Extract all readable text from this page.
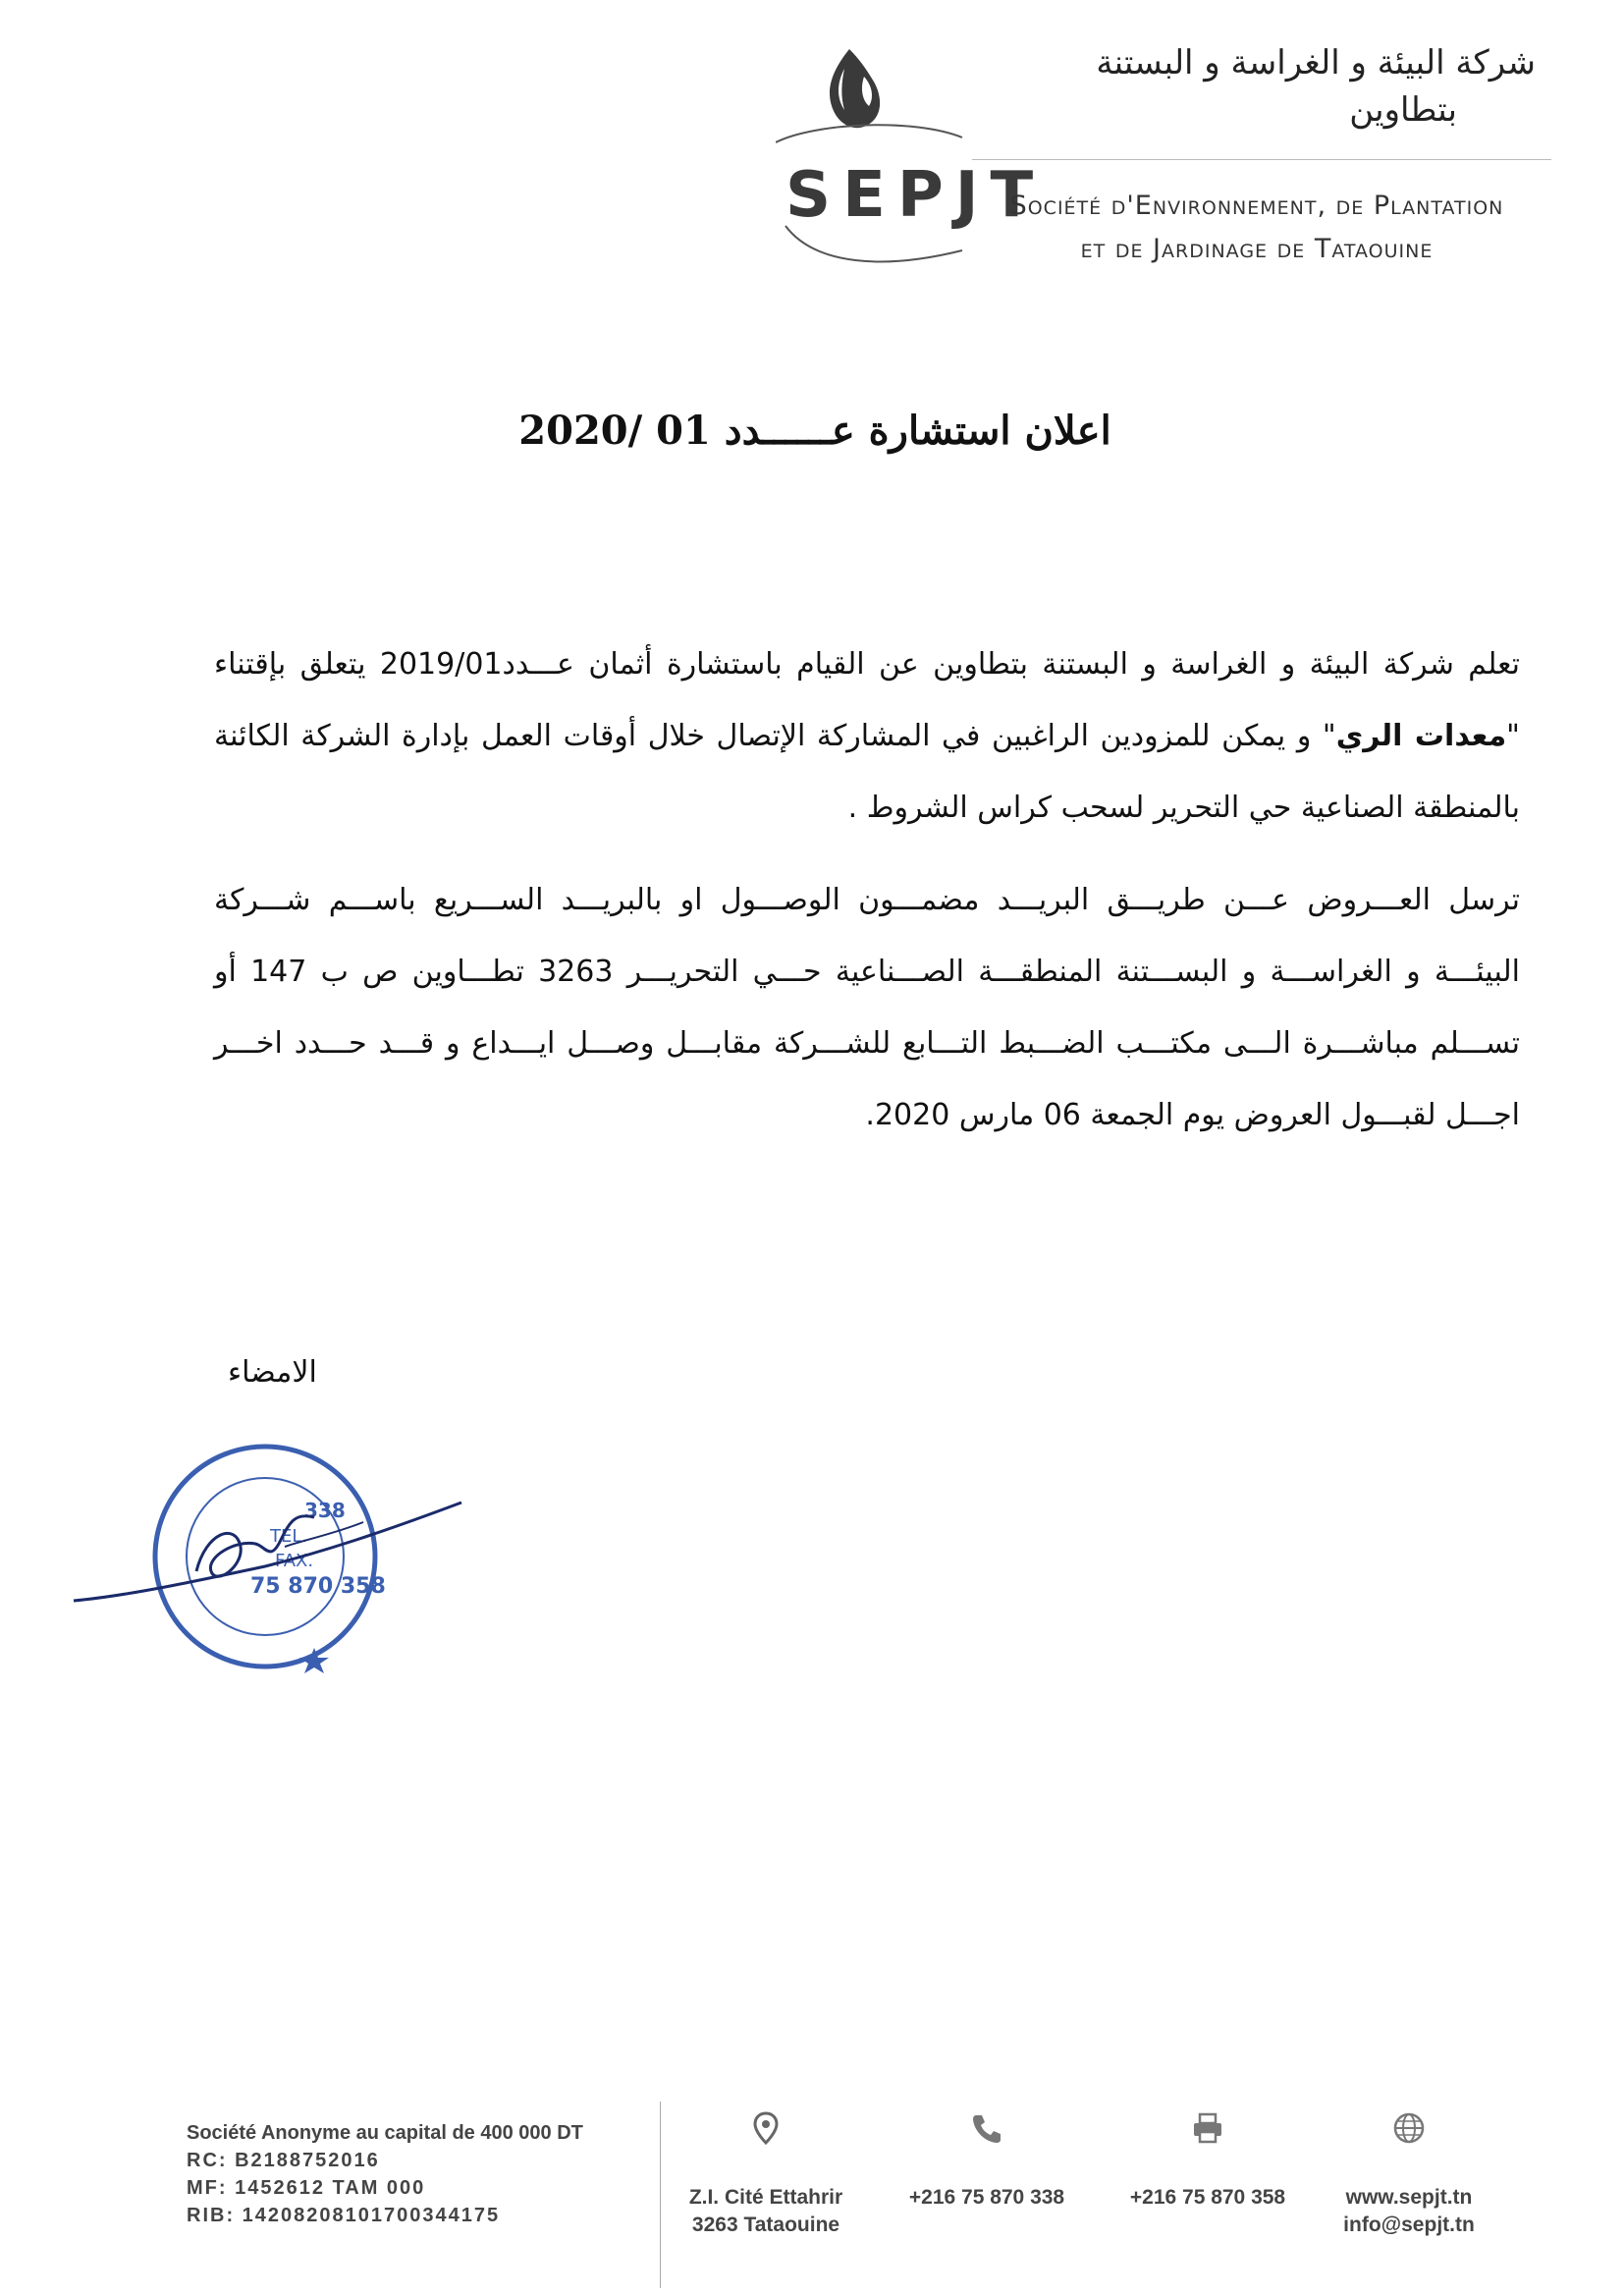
شركة البيئة و الغراسة و البستنة
بتطاوين
SEPJT
Société d'Environnement, de Plantation
et de Jardinage de Tataouine
اعلان استشارة عــــــدد 01 /2020
تعلم شركة البيئة و الغراسة و البستنة بتطاوين عن القيام باستشارة أثمان عـــدد2019/01 يتعلق بإقتناء "معدات الري" و يمكن للمزودين الراغبين في المشاركة الإتصال خلال أوقات العمل بإدارة الشركة الكائنة بالمنطقة الصناعية حي التحرير لسحب كراس الشروط .
ترسل العـــروض عـــن طريـــق البريـــد مضمـــون الوصـــول او بالبريـــد الســـريع باســـم شـــركة البيئـــة و الغراســـة و البســـتنة المنطقـــة الصـــناعية حـــي التحريـــر 3263 تطـــاوين ص ب 147 أو تســـلم مباشـــرة الـــى مكتـــب الضـــبط التـــابع للشـــركة مقابـــل وصـــل ايـــداع و قـــد حـــدد اخـــر اجـــل لقبـــول العروض يوم الجمعة 06 مارس 2020.
الامضاء
TEL.
FAX.
75 870 358
338
Société Anonyme au capital de 400 000 DT
RC: B2188752016
MF: 1452612 TAM 000
RIB: 14208208101700344175
Z.I. Cité Ettahrir
3263 Tataouine
+216 75 870 338	+216 75 870 358	www.sepjt.tn
info@sepjt.tn
